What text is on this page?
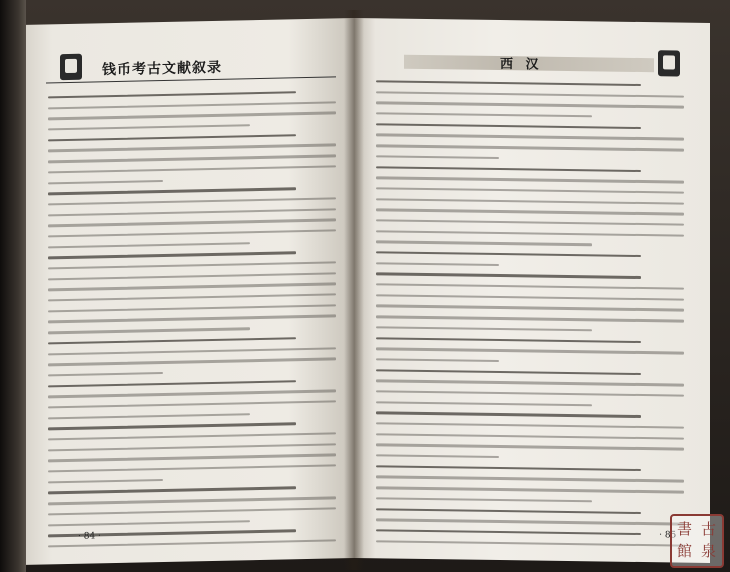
钱币考古文献叙录
· 84 ·
西 汉
· 85 · 古
泉
書
館
